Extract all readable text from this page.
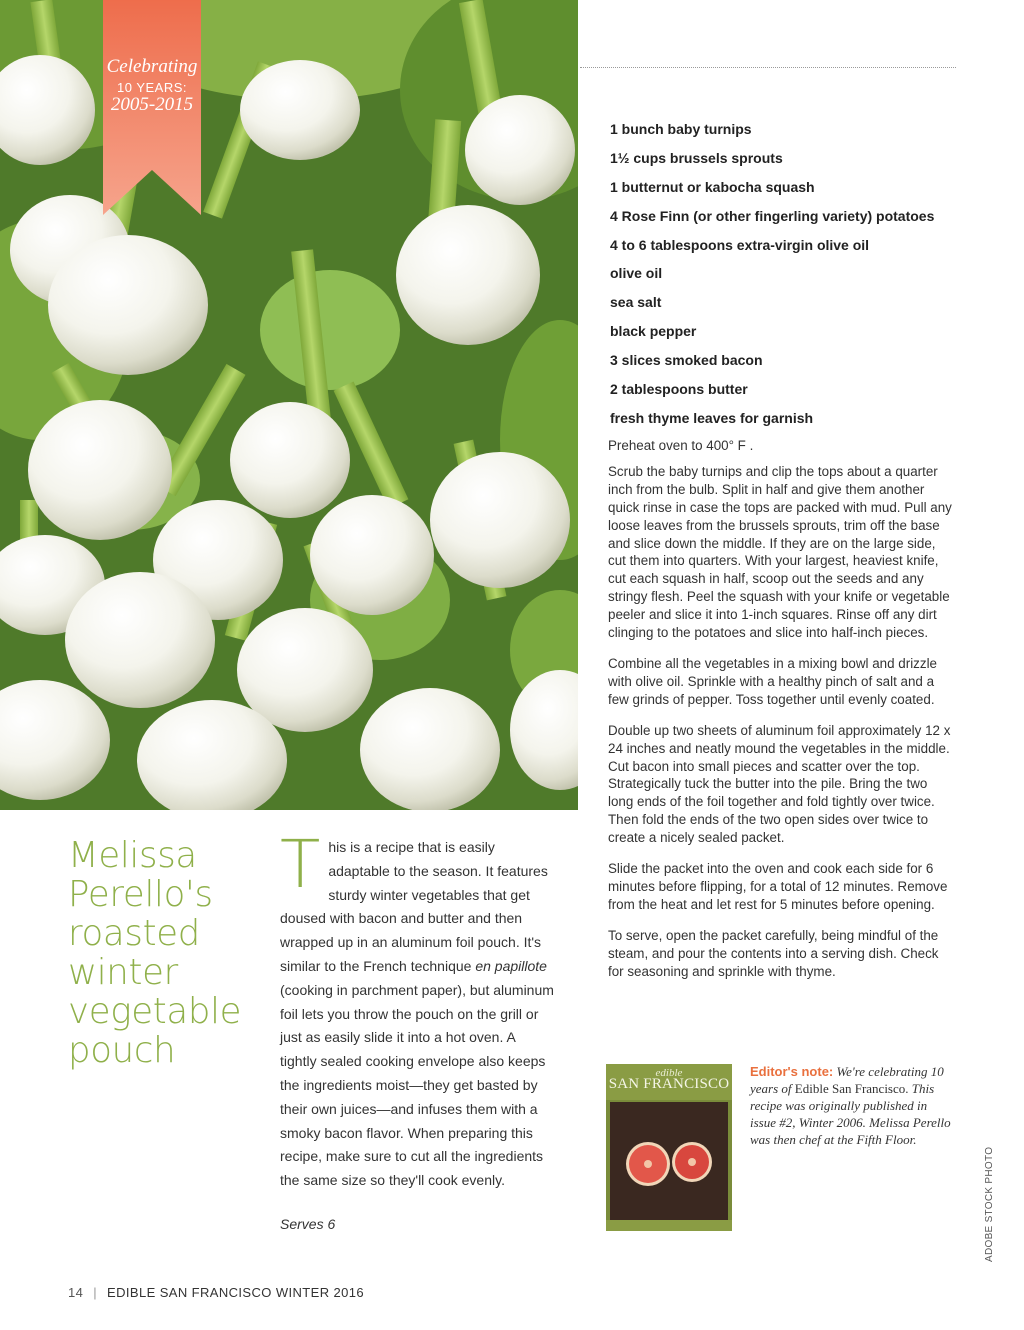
Celebrating
10 YEARS:
2005-2015
1 bunch baby turnips
1½ cups brussels sprouts
1 butternut or kabocha squash
4 Rose Finn (or other fingerling variety) potatoes
4 to 6 tablespoons extra-virgin olive oil
olive oil
sea salt
black pepper
3 slices smoked bacon
2 tablespoons butter
fresh thyme leaves for garnish

Preheat oven to 400° F .

Scrub the baby turnips and clip the tops about a quarter inch from the bulb. Split in half and give them another quick rinse in case the tops are packed with mud. Pull any loose leaves from the brussels sprouts, trim off the base and slice down the middle. If they are on the large side, cut them into quarters. With your largest, heaviest knife, cut each squash in half, scoop out the seeds and any stringy flesh. Peel the squash with your knife or vegetable peeler and slice it into 1-inch squares. Rinse off any dirt clinging to the potatoes and slice into half-inch pieces.

Combine all the vegetables in a mixing bowl and drizzle with olive oil. Sprinkle with a healthy pinch of salt and a few grinds of pepper. Toss together until evenly coated.

Double up two sheets of aluminum foil approximately 12 x 24 inches and neatly mound the vegetables in the middle. Cut bacon into small pieces and scatter over the top. Strategically tuck the butter into the pile. Bring the two long ends of the foil together and fold tightly over twice. Then fold the ends of the two open sides over twice to create a nicely sealed packet.

Slide the packet into the oven and cook each side for 6 minutes before flipping, for a total of 12 minutes. Remove from the heat and let rest for 5 minutes before opening.

To serve, open the packet carefully, being mindful of the steam, and pour the contents into a serving dish. Check for seasoning and sprinkle with thyme.

Melissa Perello's roasted winter vegetable pouch
This is a recipe that is easily adaptable to the season. It features sturdy winter vegetables that get doused with bacon and butter and then wrapped up in an aluminum foil pouch. It's similar to the French technique en papillote (cooking in parchment paper), but aluminum foil lets you throw the pouch on the grill or just as easily slide it into a hot oven. A tightly sealed cooking envelope also keeps the ingredients moist—they get basted by their own juices—and infuses them with a smoky bacon flavor. When preparing this recipe, make sure to cut all the ingredients the same size so they'll cook evenly.
Serves 6
edible
SAN FRANCISCO
Editor's note: We're celebrating 10 years of Edible San Francisco. This recipe was originally published in issue #2, Winter 2006. Melissa Perello was then chef at the Fifth Floor.
ADOBE STOCK PHOTO
14 | EDIBLE SAN FRANCISCO WINTER 2016
